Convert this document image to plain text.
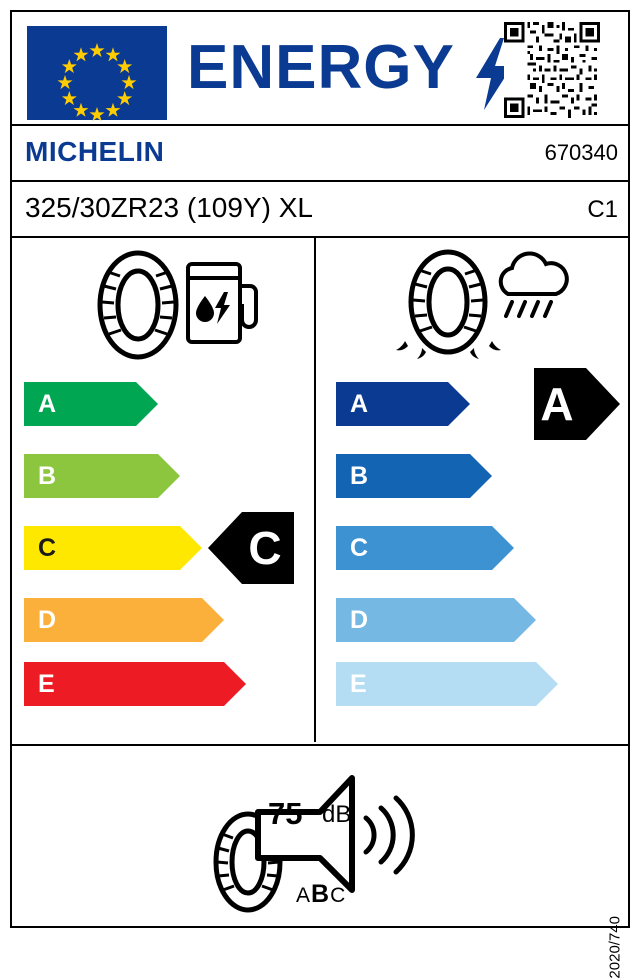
ENERGY
MICHELIN	670340
325/30ZR23 (109Y) XL	C1
A
B
C
D
E
C
A
B
C
D
E
A
75 dB
ABC
2020/740
